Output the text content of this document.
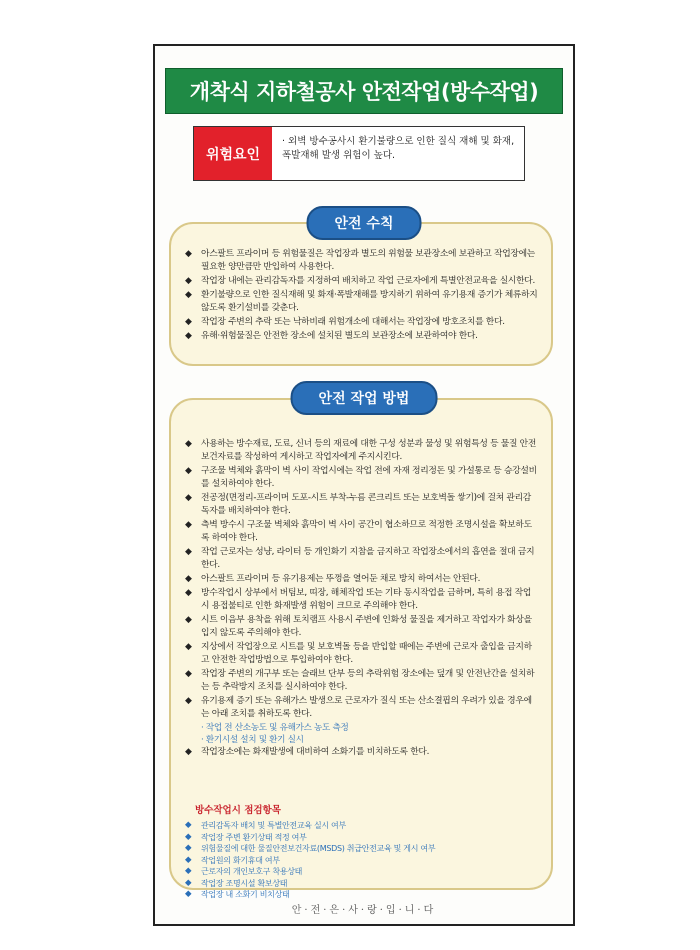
개착식 지하철공사 안전작업(방수작업)
위험요인
· 외벽 방수공사시 환기불량으로 인한 질식 재해 및 화재,
폭발재해 발생 위험이 높다.
안전 수칙
◆ 아스팔트 프라이머 등 위험물질은 작업장과 별도의 위험물 보관장소에 보관하고 작업장에는 필요한 양만큼만 반입하여 사용한다.
◆ 작업장 내에는 관리감독자를 지정하여 배치하고 작업 근로자에게 특별안전교육을 실시한다.
◆ 환기불량으로 인한 질식재해 및 화재·폭발재해를 방지하기 위하여 유기용재 증기가 체류하지 않도록 환기설비를 갖춘다.
◆ 작업장 주변의 추락 또는 낙하비래 위험개소에 대해서는 작업장에 방호조치를 한다.
◆ 유해·위험물질은 안전한 장소에 설치된 별도의 보관장소에 보관하여야 한다.
안전 작업 방법
◆ 사용하는 방수재료, 도료, 신너 등의 재료에 대한 구성 성분과 물성 및 위험특성 등 물질 안전보건자료를 작성하여 게시하고 작업자에게 주지시킨다.
◆ 구조물 벽체와 흙막이 벽 사이 작업시에는 작업 전에 자재 정리정돈 및 가설통로 등 승강설비를 설치하여야 한다.
◆ 전공정(면정리-프라이머 도포-시트 부착-누름 콘크리트 또는 보호벽돌 쌓기)에 걸쳐 관리감독자를 배치하여야 한다.
◆ 측벽 방수시 구조물 벽체와 흙막이 벽 사이 공간이 협소하므로 적정한 조명시설을 확보하도록 하여야 한다.
◆ 작업 근로자는 성냥, 라이터 등 개인화기 지참을 금지하고 작업장소에서의 흡연을 절대 금지한다.
◆ 아스팔트 프라이머 등 유기용제는 뚜껑을 열어둔 채로 방치 하여서는 안된다.
◆ 방수작업시 상부에서 버팀보, 띠장, 해체작업 또는 기타 동시작업을 금하며, 특히 용접 작업시 용접불티로 인한 화재발생 위험이 크므로 주의해야 한다.
◆ 시트 이음부 용착을 위해 토치램프 사용시 주변에 인화성 물질을 제거하고 작업자가 화상을 입지 않도록 주의해야 한다.
◆ 지상에서 작업장으로 시트를 및 보호벽돌 등을 반입할 때에는 주변에 근로자 출입을 금지하고 안전한 작업방법으로 투입하여야 한다.
◆ 작업장 주변의 개구부 또는 슬래브 단부 등의 추락위험 장소에는 덮개 및 안전난간을 설치하는 등 추락방지 조치를 실시하여야 한다.
◆ 유기용제 증기 또는 유해가스 발생으로 근로자가 질식 또는 산소결핍의 우려가 있을 경우에는 아래 조치를 취하도록 한다.
· 작업 전 산소농도 및 유해가스 농도 측정
· 환기시설 설치 및 환기 실시
◆ 작업장소에는 화재발생에 대비하여 소화기를 비치하도록 한다.
방수작업시 점검항목
◆ 관리감독자 배치 및 특별안전교육 실시 여부
◆ 작업장 주변 환기상태 적정 여부
◆ 위험물질에 대한 물질안전보건자료(MSDS) 취급안전교육 및 게시 여부
◆ 작업원의 화기휴대 여부
◆ 근로자의 개인보호구 착용상태
◆ 작업장 조명시설 확보상태
◆ 작업장 내 소화기 비치상태
안·전·은·사·랑·입·니·다
